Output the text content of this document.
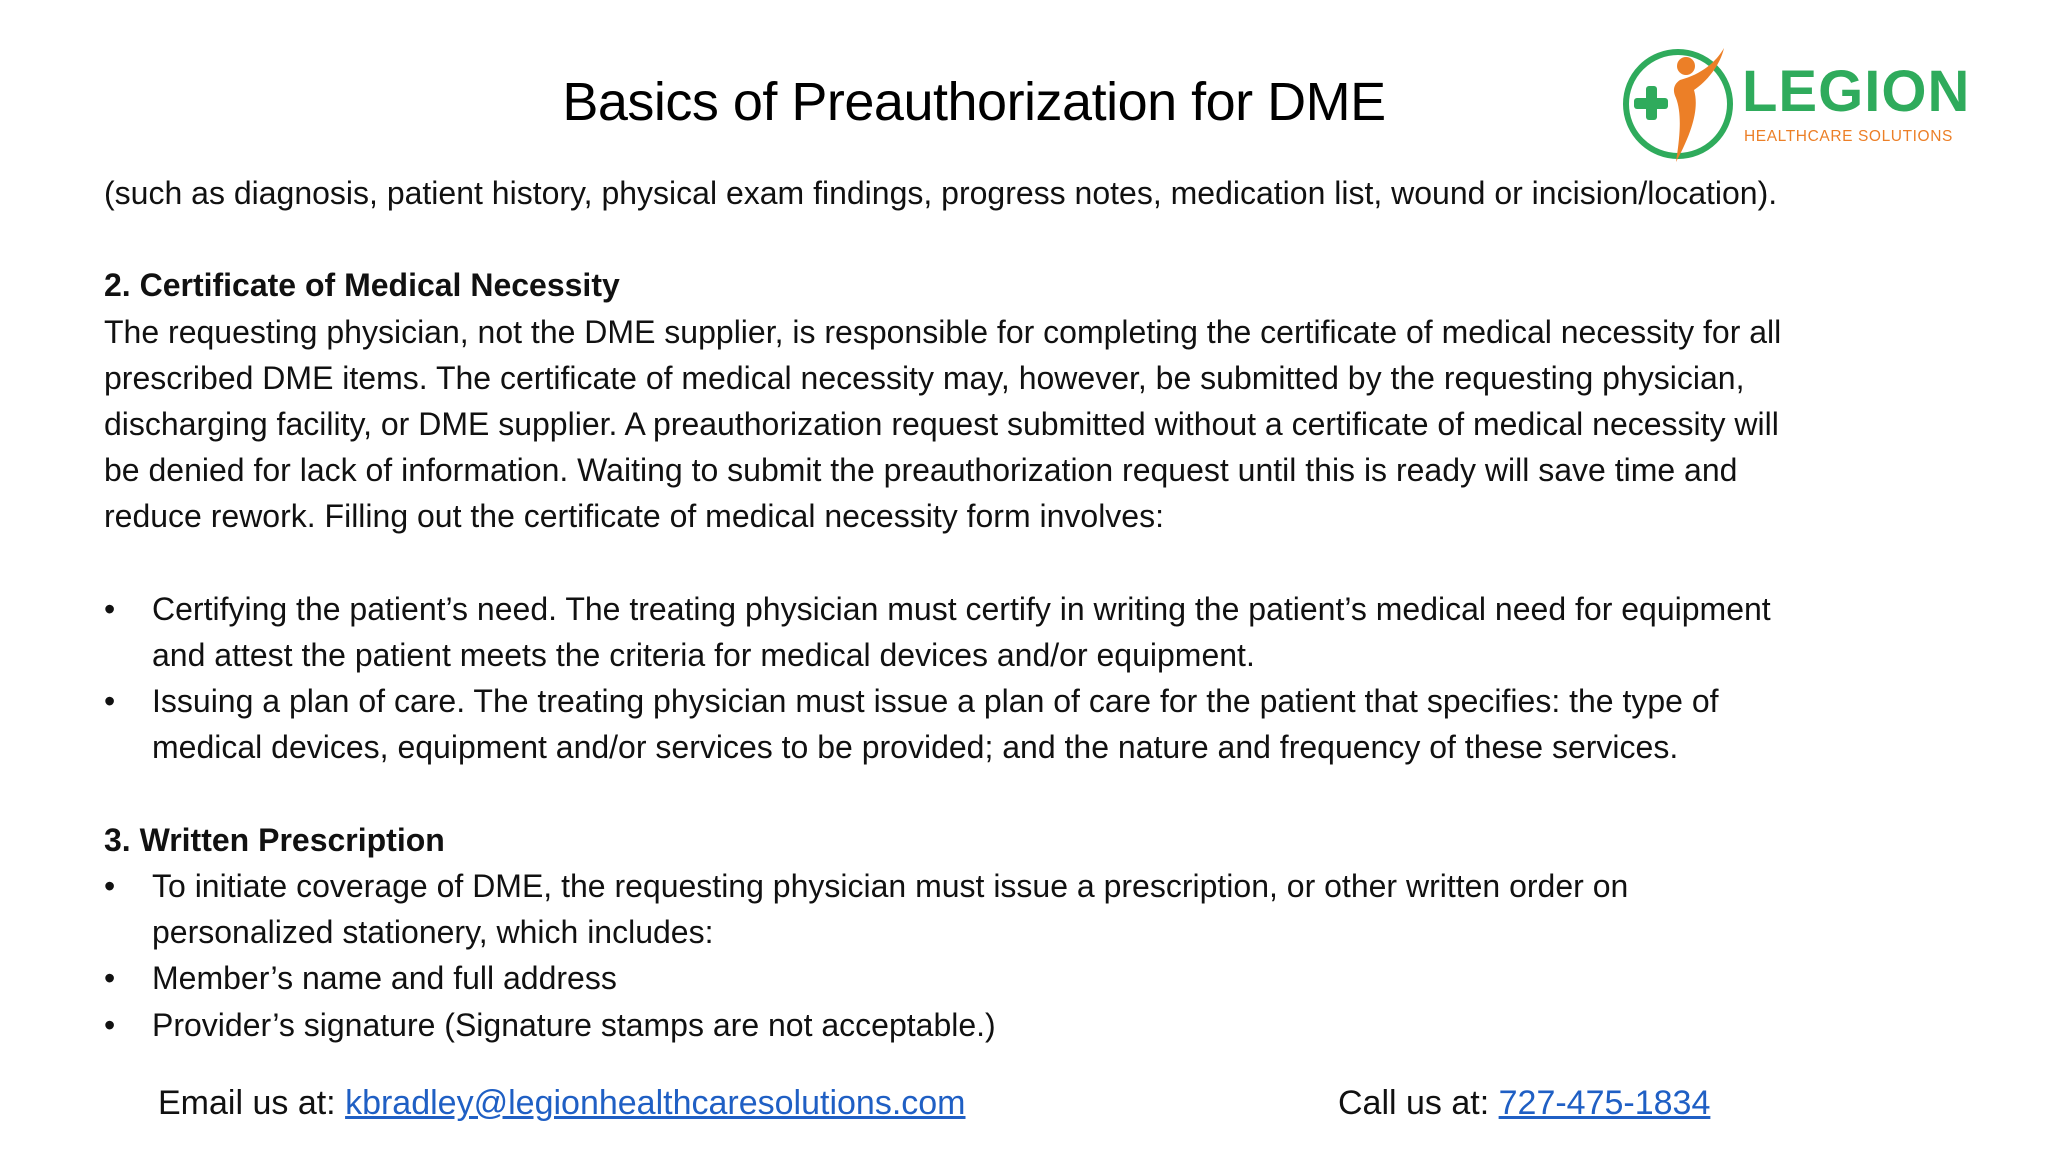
Basics of Preauthorization for DME	LEGION
HEALTHCARE SOLUTIONS

(such as diagnosis, patient history, physical exam findings, progress notes, medication list, wound or incision/location).

2. Certificate of Medical Necessity

The requesting physician, not the DME supplier, is responsible for completing the certificate of medical necessity for all

prescribed DME items. The certificate of medical necessity may, however, be submitted by the requesting physician,

discharging facility, or DME supplier. A preauthorization request submitted without a certificate of medical necessity will

be denied for lack of information. Waiting to submit the preauthorization request until this is ready will save time and

reduce rework. Filling out the certificate of medical necessity form involves:

• Certifying the patient’s need. The treating physician must certify in writing the patient’s medical need for equipment
and attest the patient meets the criteria for medical devices and/or equipment.
• Issuing a plan of care. The treating physician must issue a plan of care for the patient that specifies: the type of
medical devices, equipment and/or services to be provided; and the nature and frequency of these services.

3. Written Prescription

• To initiate coverage of DME, the requesting physician must issue a prescription, or other written order on
personalized stationery, which includes:
• Member’s name and full address
• Provider’s signature (Signature stamps are not acceptable.)
Email us at: kbradley@legionhealthcaresolutions.com	Call us at: 727-475-1834
